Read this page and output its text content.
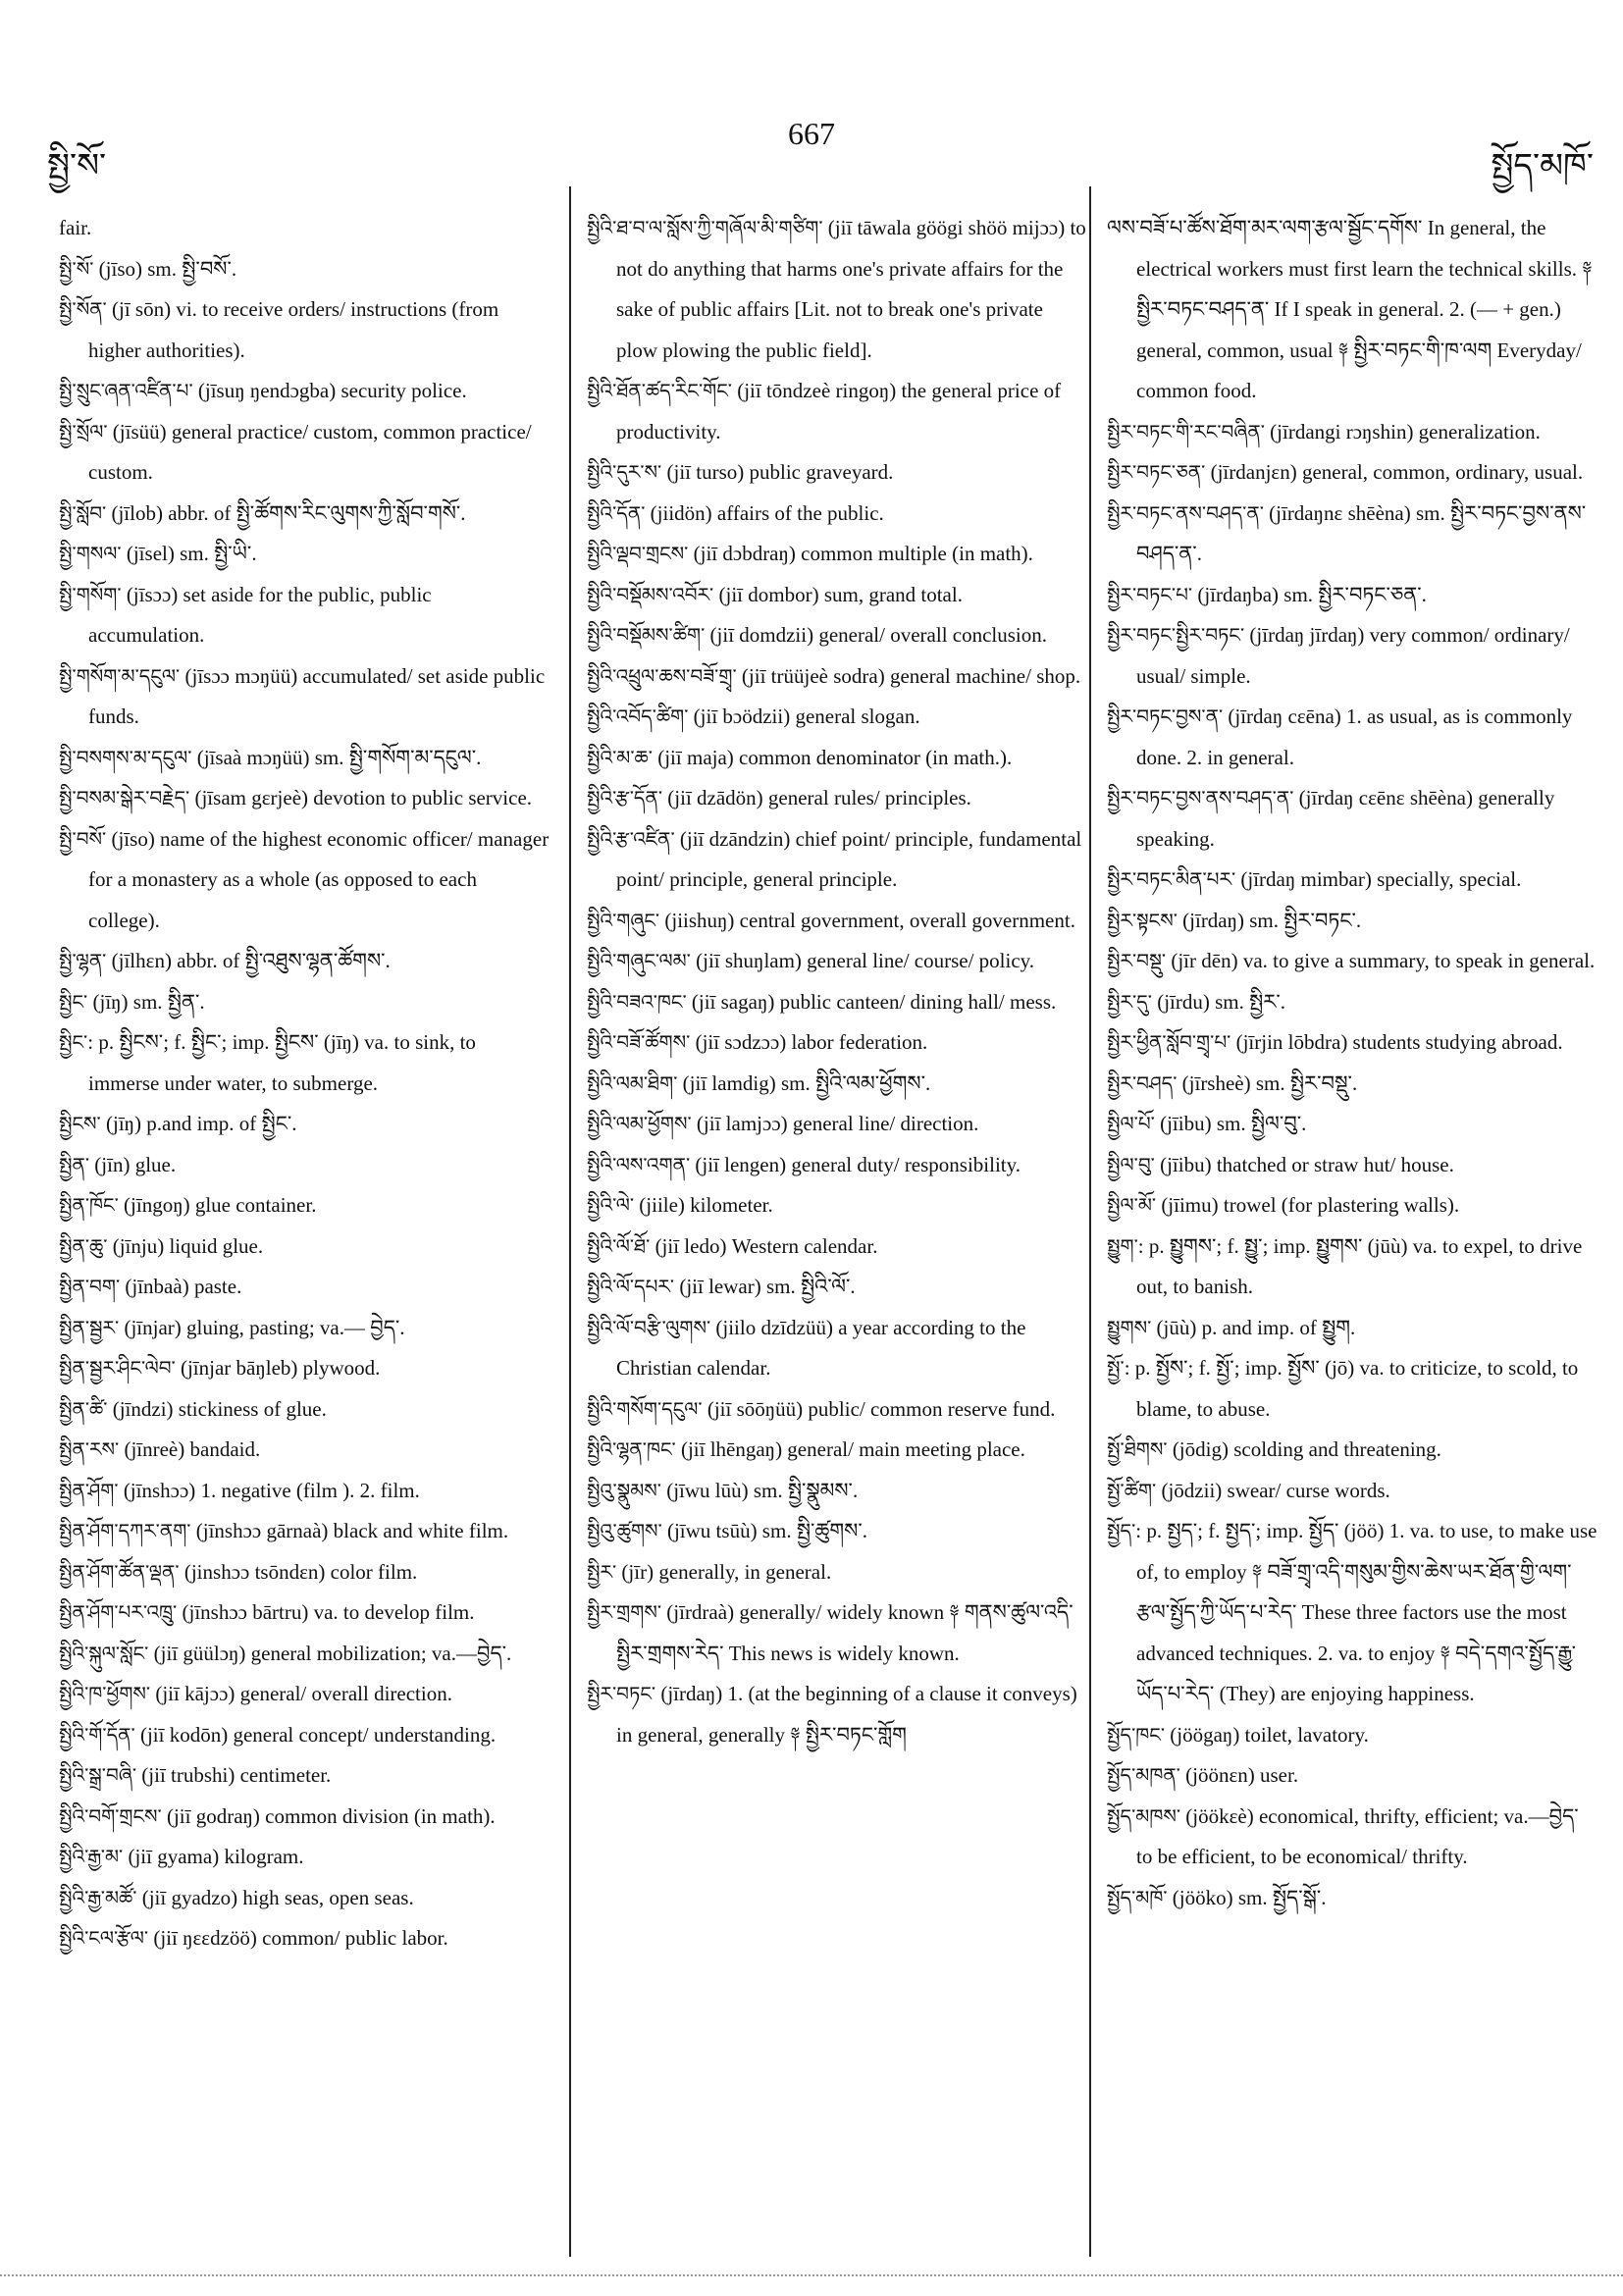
སྤྱི་སོ་
667
སྤྱོད་མཁོ་
fair.
སྤྱི་སོ་ (jīso) sm. སྤྱི་བསོ་.
སྤྱི་སོན་ (jī sōn) vi. to receive orders/ instructions (from higher authorities).
སྤྱི་སྲུང་ཞན་འཛིན་པ་ (jīsuŋ ŋendɔgba) security police.
སྤྱི་སྲོལ་ (jīsüü) general practice/ custom, common practice/ custom.
སྤྱི་སློབ་ (jīlob) abbr. of སྤྱི་ཚོགས་རིང་ལུགས་ཀྱི་སློབ་གསོ་.
སྤྱི་གསལ་ (jīsel) sm. སྤྱི་ཡི་.
སྤྱི་གསོག་ (jīsɔɔ) set aside for the public, public accumulation.
སྤྱི་གསོག་མ་དངུལ་ (jīsɔɔ mɔŋüü) accumulated/ set aside public funds.
སྤྱི་བསགས་མ་དངུལ་ (jīsaà mɔŋüü) sm. སྤྱི་གསོག་མ་དངུལ་.
སྤྱི་བསམ་སྒེར་བརྗེད་ (jīsam gɛrjeè) devotion to public service.
སྤྱི་བསོ་ (jīso) name of the highest economic officer/ manager for a monastery as a whole (as opposed to each college).
སྤྱི་ལྷན་ (jīlhɛn) abbr. of སྤྱི་འཐུས་ལྷན་ཚོགས་.
སྤྱིང་ (jīŋ) sm. སྤྱིན་.
སྤྱིང་: p. སྤྱིངས་; f. སྤྱིང་; imp. སྤྱིངས་ (jīŋ) va. to sink, to immerse under water, to submerge.
སྤྱིངས་ (jīŋ) p.and imp. of སྤྱིང་.
སྤྱིན་ (jīn) glue.
སྤྱིན་ཁོང་ (jīngoŋ) glue container.
སྤྱིན་ཆུ་ (jīnju) liquid glue.
སྤྱིན་བག་ (jīnbaà) paste.
སྤྱིན་སྦྱར་ (jīnjar) gluing, pasting; va.— བྱེད་.
སྤྱིན་སྦྱར་ཤིང་ལེབ་ (jīnjar bāŋleb) plywood.
སྤྱིན་ཚི་ (jīndzi) stickiness of glue.
སྤྱིན་རས་ (jīnreè) bandaid.
སྤྱིན་ཤོག་ (jīnshɔɔ) 1. negative (film ). 2. film.
སྤྱིན་ཤོག་དཀར་ནག་ (jīnshɔɔ gārnaà) black and white film.
སྤྱིན་ཤོག་ཚོན་ལྡན་ (jinshɔɔ tsōndɛn) color film.
སྤྱིན་ཤོག་པར་འཁྲུ་ (jīnshɔɔ bārtru) va. to develop film.
སྤྱིའི་སྐུལ་སློང་ (jiī güülɔŋ) general mobilization; va.—བྱེད་.
སྤྱིའི་ཁ་ཕྱོགས་ (jiī kājɔɔ) general/ overall direction.
སྤྱིའི་གོ་དོན་ (jiī kodōn) general concept/ understanding.
སྤྱིའི་སྒྲ་བཞི་ (jiī trubshi) centimeter.
སྤྱིའི་བགོ་གྲངས་ (jiī godraŋ) common division (in math).
སྤྱིའི་རྒྱ་མ་ (jiī gyama) kilogram.
སྤྱིའི་རྒྱ་མཚོ་ (jiī gyadzo) high seas, open seas.
སྤྱིའི་ངལ་རྩོལ་ (jiī ŋɛɛdzöö) common/ public labor.
སྤྱིའི་ཐ་བ་ལ་སློས་ཀྱི་གཞོལ་མི་གཙིག་ (jiī tāwala göögi shöö mijɔɔ) to not do anything that harms one's private affairs for the sake of public affairs [Lit. not to break one's private plow plowing the public field].
སྤྱིའི་ཐོན་ཚད་རིང་གོང་ (jiī tōndzeè ringoŋ) the general price of productivity.
སྤྱིའི་དུར་ས་ (jiī turso) public graveyard.
སྤྱིའི་དོན་ (jiidön) affairs of the public.
སྤྱིའི་ལྡབ་གྲངས་ (jiī dɔbdraŋ) common multiple (in math).
སྤྱིའི་བསྡོམས་འབོར་ (jiī dombor) sum, grand total.
སྤྱིའི་བསྡོམས་ཚིག་ (jiī domdzii) general/ overall conclusion.
སྤྱིའི་འཕྲུལ་ཆས་བཟོ་གྲྭ་ (jiī trüüjeè sodra) general machine/ shop.
སྤྱིའི་འབོད་ཚིག་ (jiī bɔödzii) general slogan.
སྤྱིའི་མ་ཆ་ (jiī maja) common denominator (in math.).
སྤྱིའི་རྩ་དོན་ (jiī dzādön) general rules/ principles.
སྤྱིའི་རྩ་འཛིན་ (jiī dzāndzin) chief point/ principle, fundamental point/ principle, general principle.
སྤྱིའི་གཞུང་ (jiishuŋ) central government, overall government.
སྤྱིའི་གཞུང་ལམ་ (jiī shuŋlam) general line/ course/ policy.
སྤྱིའི་བཟའ་ཁང་ (jiī sagaŋ) public canteen/ dining hall/ mess.
སྤྱིའི་བཟོ་ཚོགས་ (jiī sɔdzɔɔ) labor federation.
སྤྱིའི་ལམ་ཐིག་ (jiī lamdig) sm. སྤྱིའི་ལམ་ཕྱོགས་.
སྤྱིའི་ལམ་ཕྱོགས་ (jiī lamjɔɔ) general line/ direction.
སྤྱིའི་ལས་འགན་ (jiī lengen) general duty/ responsibility.
སྤྱིའི་ལེ་ (jiile) kilometer.
སྤྱིའི་ལོ་ཐོ་ (jiī ledo) Western calendar.
སྤྱིའི་ལོ་དཔར་ (jiī lewar) sm. སྤྱིའི་ལོ་.
སྤྱིའི་ལོ་བརྩི་ལུགས་ (jiilo dzīdzüü) a year according to the Christian calendar.
སྤྱིའི་གསོག་དངུལ་ (jiī sōōŋüü) public/ common reserve fund.
སྤྱིའི་ལྷན་ཁང་ (jiī lhēngaŋ) general/ main meeting place.
སྤྱིའུ་སྣུམས་ (jīwu lūù) sm. སྤྱི་སྣུམས་.
སྤྱིའུ་ཚུགས་ (jīwu tsūù) sm. སྤྱི་ཚུགས་.
སྤྱིར་ (jīr) generally, in general.
སྤྱིར་གྲགས་ (jīrdraà) generally/ widely known ༈ གནས་ཚུལ་འདི་སྤྱིར་གྲགས་རེད་ This news is widely known.
སྤྱིར་བཏང་ (jīrdaŋ) 1. (at the beginning of a clause it conveys) in general, generally ༈ སྤྱིར་བཏང་གློག
ལས་བཟོ་པ་ཚོས་ཐོག་མར་ལག་རྩལ་སྦྱོང་དགོས་ In general, the electrical workers must first learn the technical skills. ༈ སྤྱིར་བཏང་བཤད་ན་ If I speak in general. 2. (— + gen.) general, common, usual ༈ སྤྱིར་བཏང་གི་ཁ་ལག Everyday/ common food.
སྤྱིར་བཏང་གི་རང་བཞིན་ (jīrdangi rɔŋshin) generalization.
སྤྱིར་བཏང་ཅན་ (jīrdanjɛn) general, common, ordinary, usual.
སྤྱིར་བཏང་ནས་བཤད་ན་ (jīrdaŋnɛ shēèna) sm. སྤྱིར་བཏང་བྱས་ནས་བཤད་ན་.
སྤྱིར་བཏང་པ་ (jīrdaŋba) sm. སྤྱིར་བཏང་ཅན་.
སྤྱིར་བཏང་སྤྱིར་བཏང་ (jīrdaŋ jīrdaŋ) very common/ ordinary/ usual/ simple.
སྤྱིར་བཏང་བྱས་ན་ (jīrdaŋ cɛēna) 1. as usual, as is commonly done. 2. in general.
སྤྱིར་བཏང་བྱས་ནས་བཤད་ན་ (jīrdaŋ cɛēnɛ shēèna) generally speaking.
སྤྱིར་བཏང་མིན་པར་ (jīrdaŋ mimbar) specially, special.
སྤྱིར་སྟངས་ (jīrdaŋ) sm. སྤྱིར་བཏང་.
སྤྱིར་བསྡུ་ (jīr dēn) va. to give a summary, to speak in general.
སྤྱིར་དུ་ (jīrdu) sm. སྤྱིར་.
སྤྱིར་ཕྱིན་སློབ་གྲྭ་པ་ (jīrjin lōbdra) students studying abroad.
སྤྱིར་བཤད་ (jīrsheè) sm. སྤྱིར་བསྡུ་.
སྤྱིལ་པོ་ (jīibu) sm. སྤྱིལ་བུ་.
སྤྱིལ་བུ་ (jīibu) thatched or straw hut/ house.
སྤྱིལ་མོ་ (jīimu) trowel (for plastering walls).
སྤྱུག་: p. སྤྱུགས་; f. སྤྱུ་; imp. སྤྱུགས་ (jūù) va. to expel, to drive out, to banish.
སྤྱུགས་ (jūù) p. and imp. of སྤྱུག.
སྤྱོ་: p. སྤྱོས་; f. སྤྱོ་; imp. སྤྱོས་ (jō) va. to criticize, to scold, to blame, to abuse.
སྤྱོ་ཐིགས་ (jōdig) scolding and threatening.
སྤྱོ་ཚིག་ (jōdzii) swear/ curse words.
སྤྱོད་: p. སྤྱད་; f. སྤྱད་; imp. སྤྱོད་ (jöö) 1. va. to use, to make use of, to employ ༈ བཟོ་གྲྭ་འདི་གསུམ་གྱིས་ཆེས་ཡར་ཐོན་གྱི་ལག་རྩལ་སྤྱོད་ཀྱི་ཡོད་པ་རེད་ These three factors use the most advanced techniques. 2. va. to enjoy ༈ བདེ་དགའ་སྤྱོད་རྒྱུ་ཡོད་པ་རེད་ (They) are enjoying happiness.
སྤྱོད་ཁང་ (jöögaŋ) toilet, lavatory.
སྤྱོད་མཁན་ (jöönɛn) user.
སྤྱོད་མཁས་ (jöökɛè) economical, thrifty, efficient; va.—བྱེད་ to be efficient, to be economical/ thrifty.
སྤྱོད་མཁོ་ (jööko) sm. སྤྱོད་སྒོ་.
